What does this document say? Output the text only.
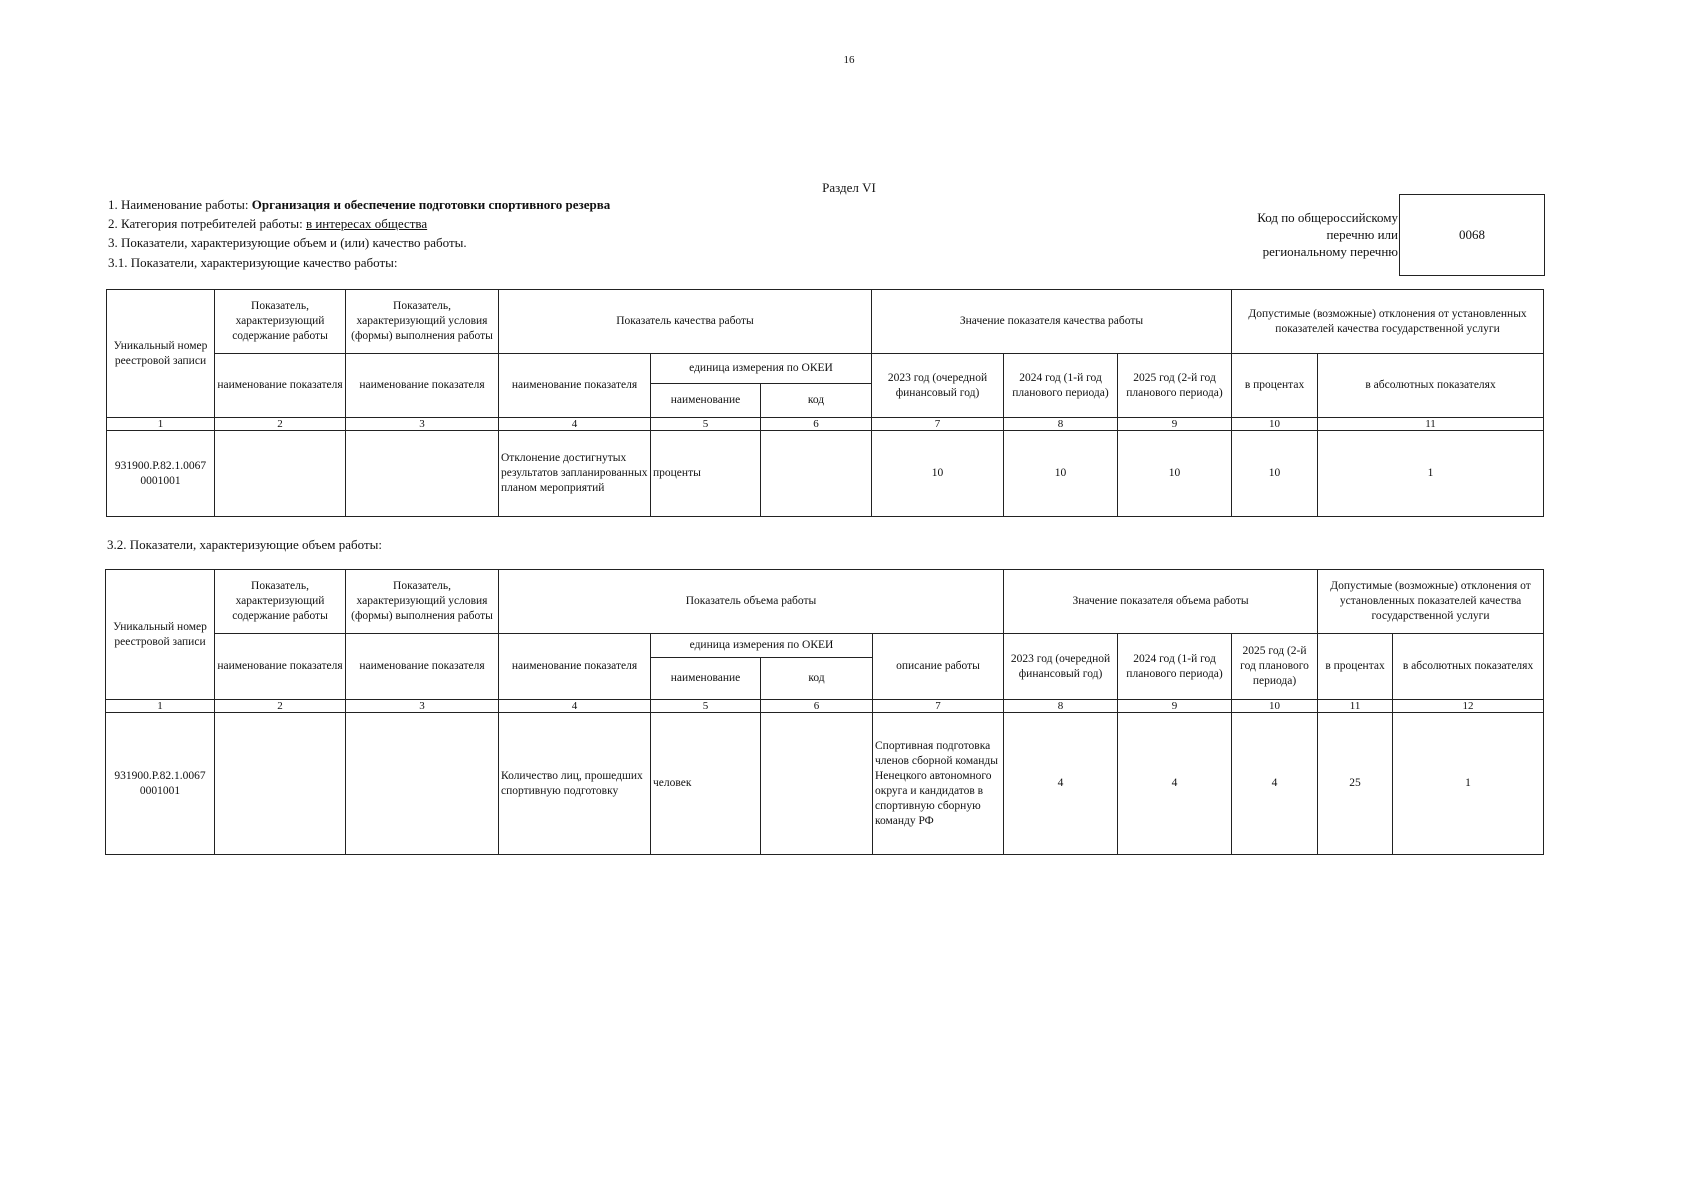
16
Раздел VI
1. Наименование работы: Организация и обеспечение подготовки спортивного резерва
2. Категория потребителей работы: в интересах общества
3. Показатели, характеризующие объем и (или) качество работы.
3.1. Показатели, характеризующие качество работы:
Код по общероссийскому
перечню или
региональному перечню
0068
Уникальный номер реестровой записи	Показатель, характеризующий содержание работы	Показатель, характеризующий условия (формы) выполнения работы	Показатель качества работы			Значение показателя качества работы			Допустимые (возможные) отклонения от установленных показателей качества государственной услуги	
	наименование показателя	наименование показателя	наименование показателя	единица измерения по ОКЕИ		2023 год (очередной финансовый год)	2024 год (1-й год планового периода)	2025 год (2-й год планового периода)	в процентах	в абсолютных показателях
				наименование	код					
1	2	3	4	5	6	7	8	9	10	11
931900.Р.82.1.0067 0001001			Отклонение достигнутых результатов запланированных планом мероприятий	проценты		10	10	10	10	1
3.2. Показатели, характеризующие объем работы:
Уникальный номер реестровой записи	Показатель, характеризующий содержание работы	Показатель, характеризующий условия (формы) выполнения работы	Показатель объема работы				Значение показателя объема работы			Допустимые (возможные) отклонения от установленных показателей качества государственной услуги	
	наименование показателя	наименование показателя	наименование показателя	единица измерения по ОКЕИ		описание работы	2023 год (очередной финансовый год)	2024 год (1-й год планового периода)	2025 год (2-й год планового периода)	в процентах	в абсолютных показателях
				наименование	код						
1	2	3	4	5	6	7	8	9	10	11	12
931900.Р.82.1.0067 0001001			Количество лиц, прошедших спортивную подготовку	человек		Спортивная подготовка членов сборной команды Ненецкого автономного округа и кандидатов в спортивную сборную команду РФ	4	4	4	25	1
